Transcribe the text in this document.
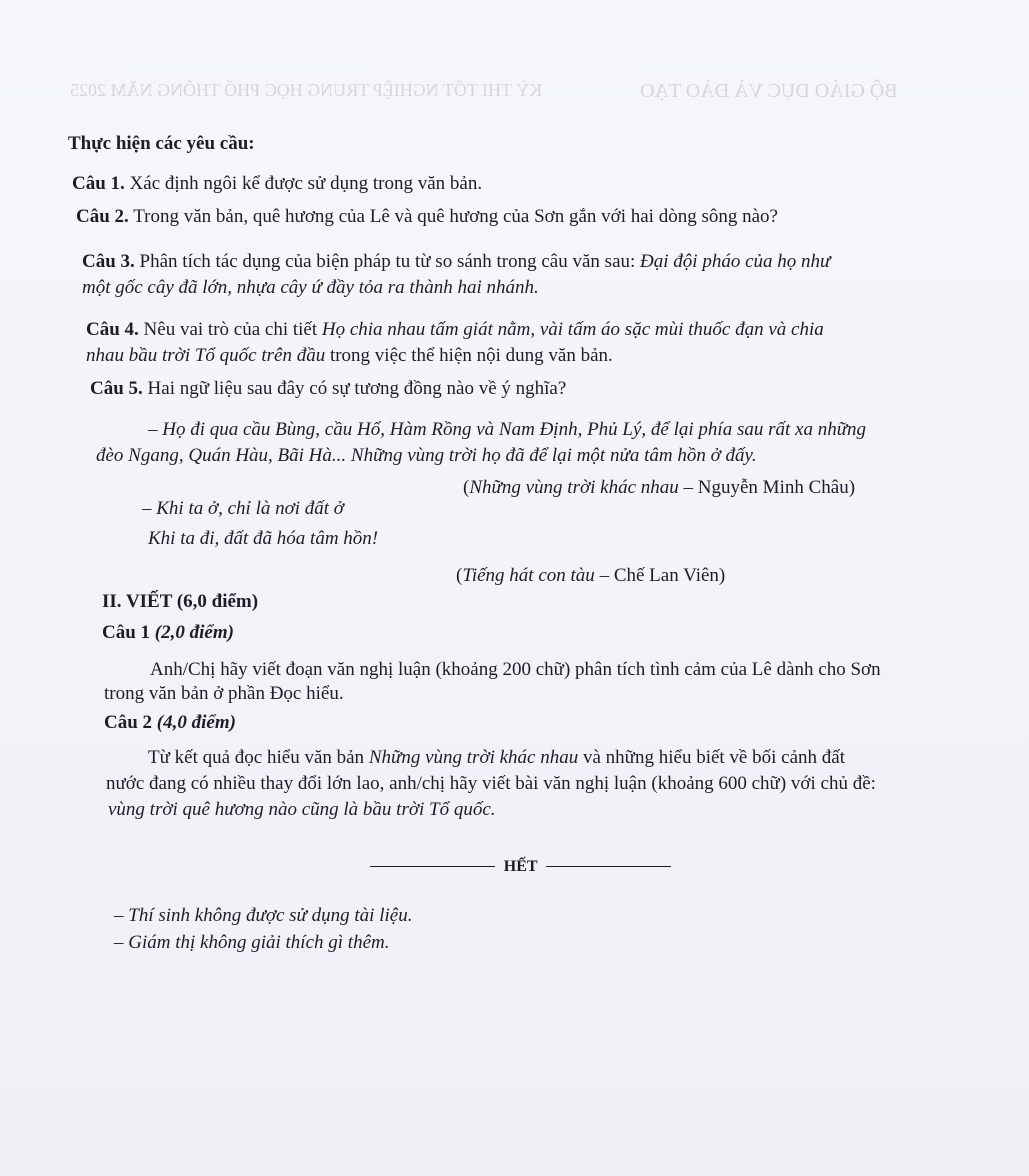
BỘ GIÁO DỤC VÀ ĐÀO TẠO
KỲ THI TỐT NGHIỆP TRUNG HỌC PHỔ THÔNG NĂM 2025
Thực hiện các yêu cầu:
Câu 1. Xác định ngôi kể được sử dụng trong văn bản.
Câu 2. Trong văn bản, quê hương của Lê và quê hương của Sơn gắn với hai dòng sông nào?
Câu 3. Phân tích tác dụng của biện pháp tu từ so sánh trong câu văn sau: Đại đội pháo của họ như
một gốc cây đã lớn, nhựa cây ứ đầy tỏa ra thành hai nhánh.
Câu 4. Nêu vai trò của chi tiết Họ chia nhau tấm giát nằm, vài tấm áo sặc mùi thuốc đạn và chia
nhau bầu trời Tổ quốc trên đầu trong việc thể hiện nội dung văn bản.
Câu 5. Hai ngữ liệu sau đây có sự tương đồng nào về ý nghĩa?
– Họ đi qua cầu Bùng, cầu Hổ, Hàm Rồng và Nam Định, Phủ Lý, để lại phía sau rất xa những
đèo Ngang, Quán Hàu, Bãi Hà... Những vùng trời họ đã để lại một nửa tâm hồn ở đấy.
(Những vùng trời khác nhau – Nguyễn Minh Châu)
– Khi ta ở, chỉ là nơi đất ở
Khi ta đi, đất đã hóa tâm hồn!
(Tiếng hát con tàu – Chế Lan Viên)
II. VIẾT (6,0 điểm)
Câu 1 (2,0 điểm)
Anh/Chị hãy viết đoạn văn nghị luận (khoảng 200 chữ) phân tích tình cảm của Lê dành cho Sơn
trong văn bản ở phần Đọc hiểu.
Câu 2 (4,0 điểm)
Từ kết quả đọc hiểu văn bản Những vùng trời khác nhau và những hiểu biết về bối cảnh đất
nước đang có nhiều thay đổi lớn lao, anh/chị hãy viết bài văn nghị luận (khoảng 600 chữ) với chủ đề:
vùng trời quê hương nào cũng là bầu trời Tổ quốc.
HẾT
– Thí sinh không được sử dụng tài liệu.
– Giám thị không giải thích gì thêm.
